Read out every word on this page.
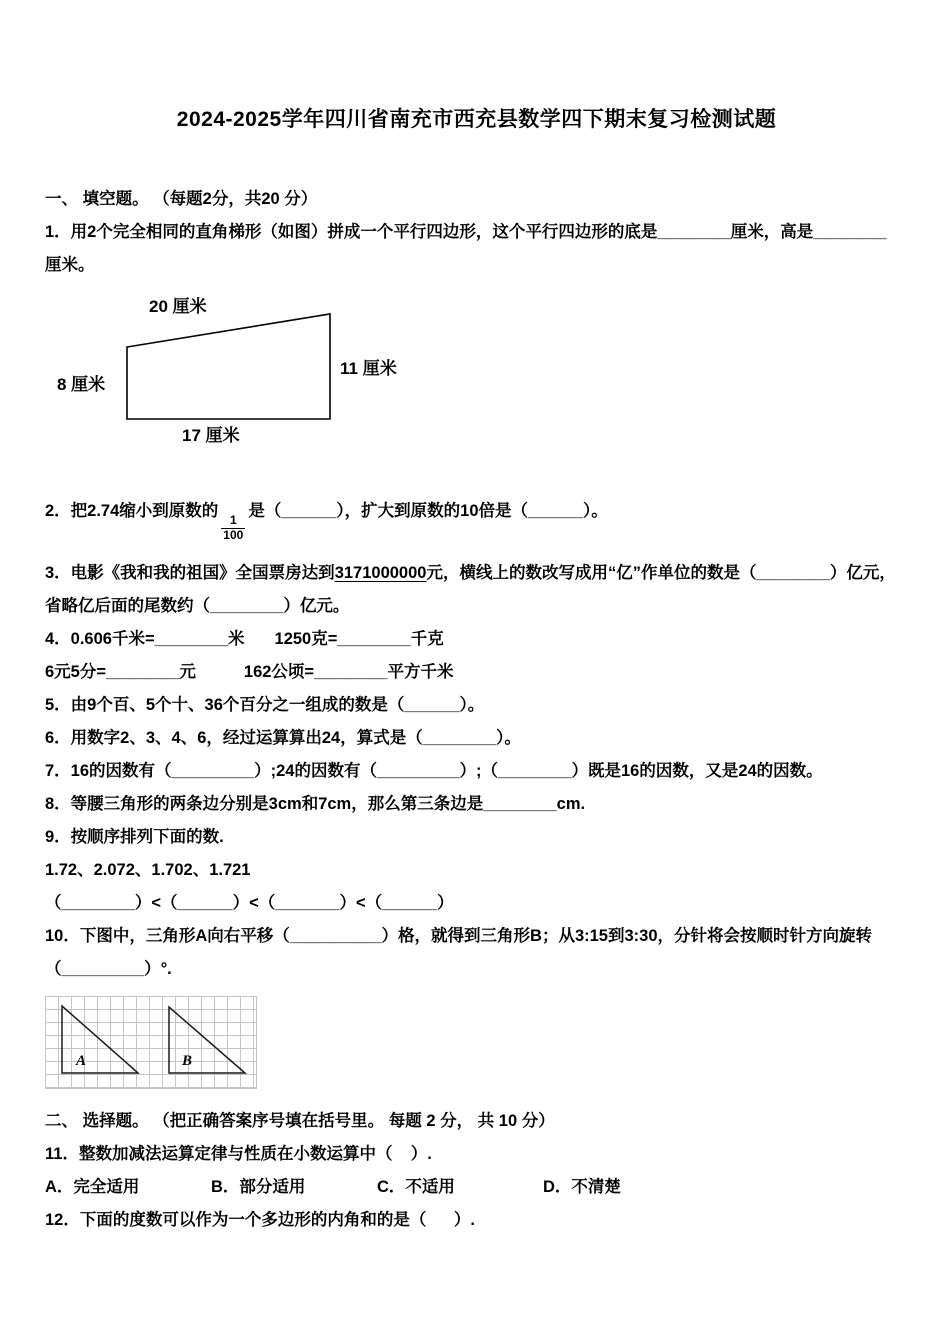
2024-2025学年四川省南充市西充县数学四下期末复习检测试题

一、 填空题。 （每题2分，共20 分）

1．用2个完全相同的直角梯形（如图）拼成一个平行四边形，这个平行四边形的底是________厘米，高是________

厘米。

20 厘米
11 厘米
8 厘米
17 厘米

2．把2.74缩小到原数的
$\frac{1}{100}$
是（______），扩大到原数的10倍是（______）。

3．电影《我和我的祖国》全国票房达到3171000000元，横线上的数改写成用“亿”作单位的数是（________）亿元，

省略亿后面的尾数约（________）亿元。

4．0.606千米=________米 1250克=________千克

6元5分=________元	162公顷=________平方千米

5．由9个百、5个十、36个百分之一组成的数是（______）。

6．用数字2、3、4、6，经过运算算出24，算式是（________）。

7．16的因数有（_________）;24的因数有（_________）;（________）既是16的因数，又是24的因数。

8．等腰三角形的两条边分别是3cm和7cm，那么第三条边是________cm.

9．按顺序排列下面的数.

1.72、2.072、1.702、1.721

（________）<（______）<（_______）<（______）

10．下图中，三角形A向右平移（__________）格，就得到三角形B；从3:15到3:30，分针将会按顺时针方向旋转

（_________）°.

A	B

二、 选择题。 （把正确答案序号填在括号里。 每题 2 分， 共 10 分）

11．整数加减法运算定律与性质在小数运算中（    ）.

A．完全适用	B．部分适用	C．不适用	D．不清楚

12．下面的度数可以作为一个多边形的内角和的是（      ）.
